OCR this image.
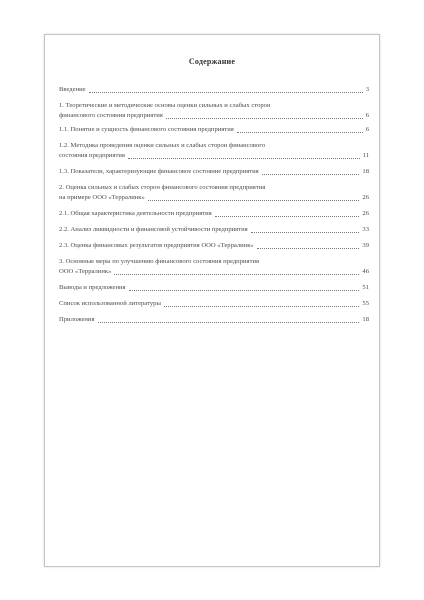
Содержание
Введение	3
1. Теоретические и методические основы оценки сильных и слабых сторон
финансового состояния предприятия	6
1.1. Понятие и сущность финансового состояния предприятия	6
1.2. Методика проведения оценки сильных и слабых сторон финансового
состояния предприятия	11
1.3. Показатели, характеризующие финансовое состояние предприятия	18
2. Оценка сильных и слабых сторон финансового состояния предприятия
на примере ООО «Терралинк»	26
2.1. Общая характеристика деятельности предприятия	26
2.2. Анализ ликвидности и финансовой устойчивости предприятия	33
2.3. Оценка финансовых результатов предприятия ООО «Терралинк»	39
3. Основные меры по улучшению финансового состояния предприятия
ООО «Терралинк»	46
Выводы и предложения	51
Список использованной литературы	55
Приложения	18
